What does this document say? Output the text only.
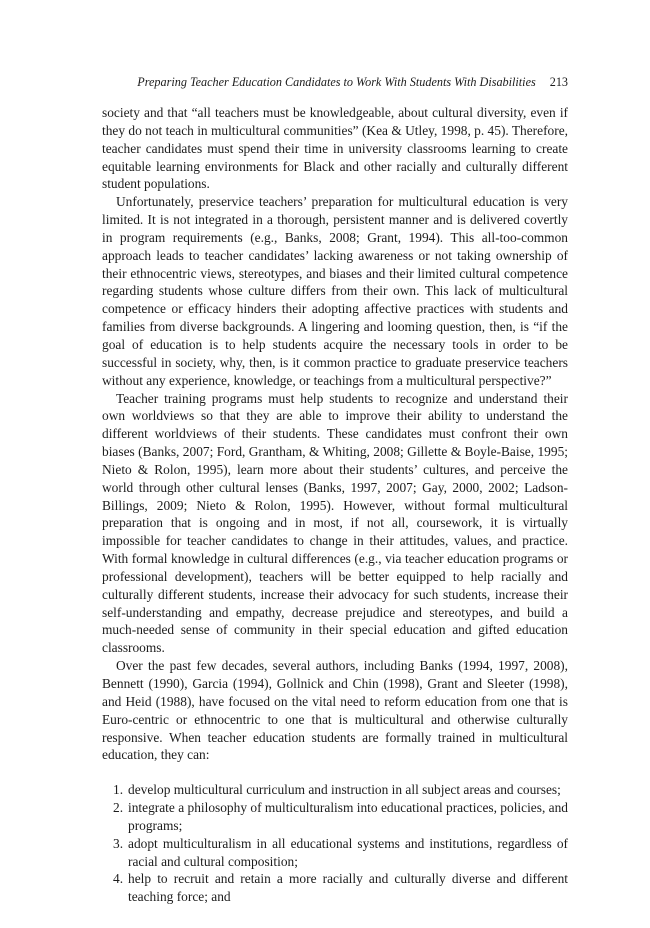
Preparing Teacher Education Candidates to Work With Students With Disabilities 213

society and that “all teachers must be knowledgeable, about cultural diversity, even if they do not teach in multicultural communities” (Kea & Utley, 1998, p. 45). Therefore, teacher candidates must spend their time in university classrooms learning to create equitable learning environments for Black and other racially and culturally different student populations.

Unfortunately, preservice teachers’ preparation for multicultural education is very limited. It is not integrated in a thorough, persistent manner and is delivered covertly in program requirements (e.g., Banks, 2008; Grant, 1994). This all-too-common approach leads to teacher candidates’ lacking awareness or not taking ownership of their ethnocentric views, stereotypes, and biases and their limited cultural competence regarding students whose culture differs from their own. This lack of multicultural competence or efficacy hinders their adopting affective practices with students and families from diverse backgrounds. A lingering and looming question, then, is “if the goal of education is to help students acquire the necessary tools in order to be successful in society, why, then, is it common practice to graduate preservice teachers without any experience, knowledge, or teachings from a multicultural perspective?”

Teacher training programs must help students to recognize and understand their own worldviews so that they are able to improve their ability to understand the different worldviews of their students. These candidates must confront their own biases (Banks, 2007; Ford, Grantham, & Whiting, 2008; Gillette & Boyle-Baise, 1995; Nieto & Rolon, 1995), learn more about their students’ cultures, and perceive the world through other cultural lenses (Banks, 1997, 2007; Gay, 2000, 2002; Ladson-Billings, 2009; Nieto & Rolon, 1995). However, without formal multicultural preparation that is ongoing and in most, if not all, coursework, it is virtually impossible for teacher candidates to change in their attitudes, values, and practice. With formal knowledge in cultural differences (e.g., via teacher education programs or professional development), teachers will be better equipped to help racially and culturally different students, increase their advocacy for such students, increase their self-understanding and empathy, decrease prejudice and stereotypes, and build a much-needed sense of community in their special education and gifted education classrooms.

Over the past few decades, several authors, including Banks (1994, 1997, 2008), Bennett (1990), Garcia (1994), Gollnick and Chin (1998), Grant and Sleeter (1998), and Heid (1988), have focused on the vital need to reform education from one that is Euro-centric or ethnocentric to one that is multicultural and otherwise culturally responsive. When teacher education students are formally trained in multicultural education, they can:

1. develop multicultural curriculum and instruction in all subject areas and courses;
2. integrate a philosophy of multiculturalism into educational practices, policies, and programs;
3. adopt multiculturalism in all educational systems and institutions, regardless of racial and cultural composition;
4. help to recruit and retain a more racially and culturally diverse and different teaching force; and
